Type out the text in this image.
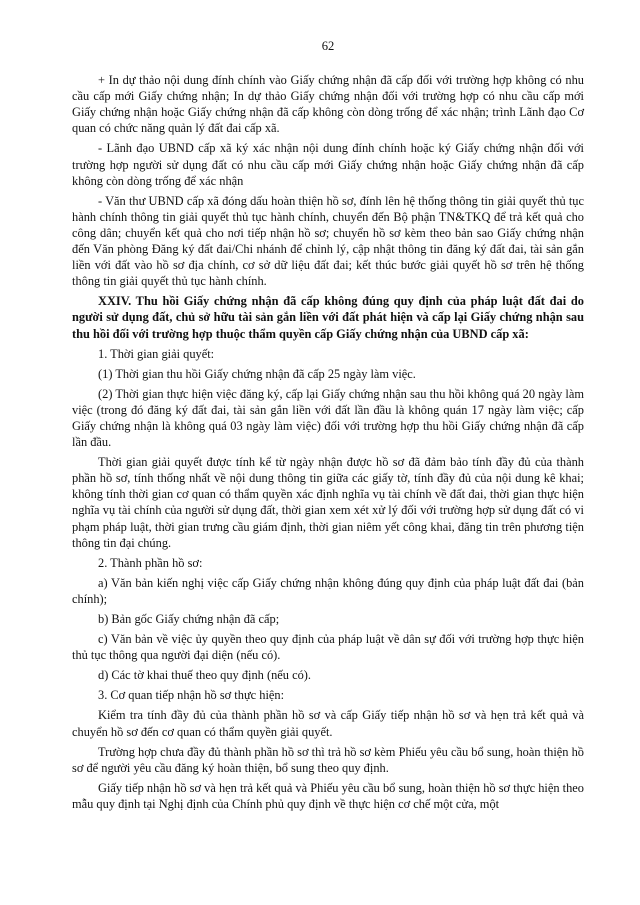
62

+ In dự thảo nội dung đính chính vào Giấy chứng nhận đã cấp đối với trường hợp không có nhu cầu cấp mới Giấy chứng nhận; In dự thảo Giấy chứng nhận đối với trường hợp có nhu cầu cấp mới Giấy chứng nhận hoặc Giấy chứng nhận đã cấp không còn dòng trống để xác nhận; trình Lãnh đạo Cơ quan có chức năng quản lý đất đai cấp xã.

- Lãnh đạo UBND cấp xã ký xác nhận nội dung đính chính hoặc ký Giấy chứng nhận đối với trường hợp người sử dụng đất có nhu cầu cấp mới Giấy chứng nhận hoặc Giấy chứng nhận đã cấp không còn dòng trống để xác nhận

- Văn thư UBND cấp xã đóng dấu hoàn thiện hồ sơ, đính lên hệ thống thông tin giải quyết thủ tục hành chính thông tin giải quyết thủ tục hành chính, chuyển đến Bộ phận TN&TKQ để trả kết quả cho công dân; chuyển kết quả cho nơi tiếp nhận hồ sơ; chuyển hồ sơ kèm theo bản sao Giấy chứng nhận đến Văn phòng Đăng ký đất đai/Chi nhánh để chỉnh lý, cập nhật thông tin đăng ký đất đai, tài sản gắn liền với đất vào hồ sơ địa chính, cơ sở dữ liệu đất đai; kết thúc bước giải quyết hồ sơ trên hệ thống thông tin giải quyết thủ tục hành chính.

XXIV. Thu hồi Giấy chứng nhận đã cấp không đúng quy định của pháp luật đất đai do người sử dụng đất, chủ sở hữu tài sản gắn liền với đất phát hiện và cấp lại Giấy chứng nhận sau thu hồi đối với trường hợp thuộc thẩm quyền cấp Giấy chứng nhận của UBND cấp xã:

1. Thời gian giải quyết:

(1) Thời gian thu hồi Giấy chứng nhận đã cấp 25 ngày làm việc.

(2) Thời gian thực hiện việc đăng ký, cấp lại Giấy chứng nhận sau thu hồi không quá 20 ngày làm việc (trong đó đăng ký đất đai, tài sản gắn liền với đất lần đầu là không quán 17 ngày làm việc; cấp Giấy chứng nhận là không quá 03 ngày làm việc) đối với trường hợp thu hồi Giấy chứng nhận đã cấp lần đầu.

Thời gian giải quyết được tính kể từ ngày nhận được hồ sơ đã đảm bảo tính đầy đủ của thành phần hồ sơ, tính thống nhất về nội dung thông tin giữa các giấy tờ, tính đầy đủ của nội dung kê khai; không tính thời gian cơ quan có thẩm quyền xác định nghĩa vụ tài chính về đất đai, thời gian thực hiện nghĩa vụ tài chính của người sử dụng đất, thời gian xem xét xử lý đối với trường hợp sử dụng đất có vi phạm pháp luật, thời gian trưng cầu giám định, thời gian niêm yết công khai, đăng tin trên phương tiện thông tin đại chúng.

2. Thành phần hồ sơ:

a) Văn bản kiến nghị việc cấp Giấy chứng nhận không đúng quy định của pháp luật đất đai (bản chính);

b) Bản gốc Giấy chứng nhận đã cấp;

c) Văn bản về việc ủy quyền theo quy định của pháp luật về dân sự đối với trường hợp thực hiện thủ tục thông qua người đại diện (nếu có).

d) Các tờ khai thuế theo quy định (nếu có).

3. Cơ quan tiếp nhận hồ sơ thực hiện:

Kiểm tra tính đầy đủ của thành phần hồ sơ và cấp Giấy tiếp nhận hồ sơ và hẹn trả kết quả và chuyển hồ sơ đến cơ quan có thẩm quyền giải quyết.

Trường hợp chưa đầy đủ thành phần hồ sơ thì trả hồ sơ kèm Phiếu yêu cầu bổ sung, hoàn thiện hồ sơ để người yêu cầu đăng ký hoàn thiện, bổ sung theo quy định.

Giấy tiếp nhận hồ sơ và hẹn trả kết quả và Phiếu yêu cầu bổ sung, hoàn thiện hồ sơ thực hiện theo mẫu quy định tại Nghị định của Chính phủ quy định về thực hiện cơ chế một cửa, một
